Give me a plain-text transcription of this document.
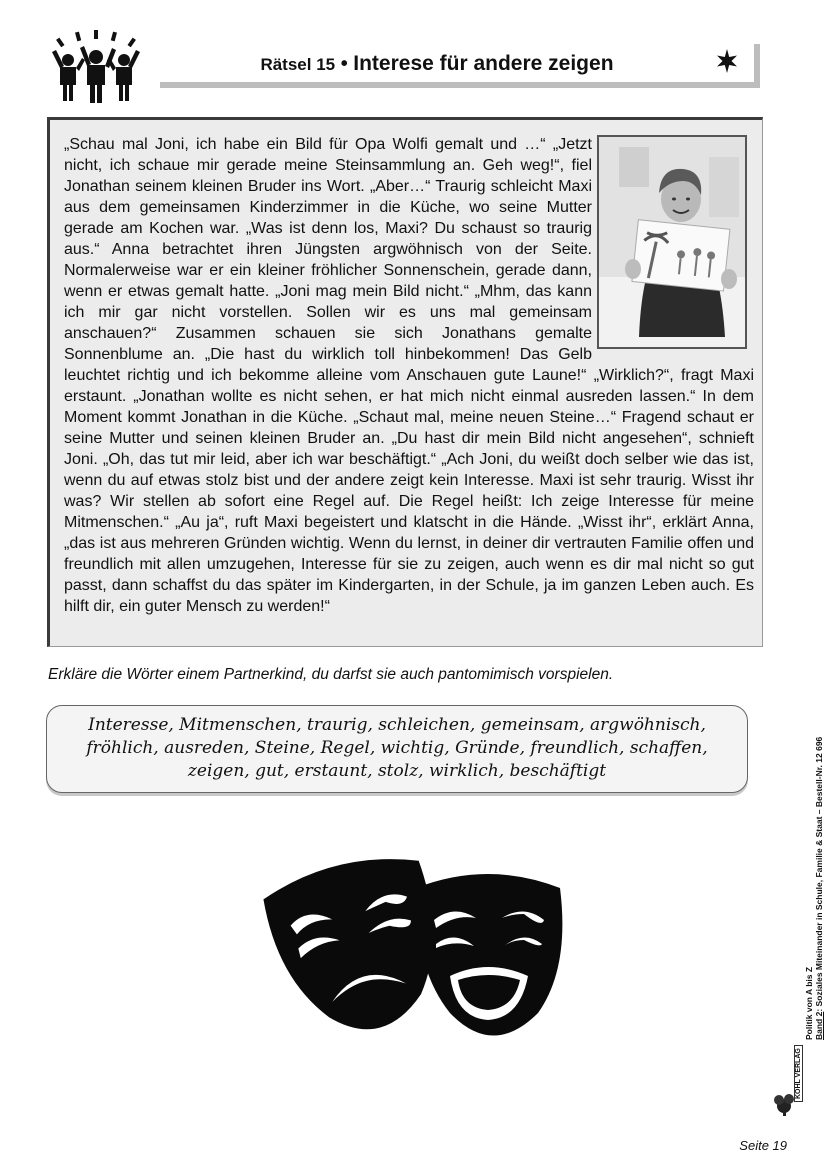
Rätsel 15 • Interese für andere zeigen

„Schau mal Joni, ich habe ein Bild für Opa Wolfi gemalt und …“ „Jetzt nicht, ich schaue mir gerade meine Steinsammlung an. Geh weg!“, fiel Jonathan seinem kleinen Bruder ins Wort. „Aber…“ Traurig schleicht Maxi aus dem gemeinsamen Kinderzimmer in die Küche, wo seine Mutter gerade am Kochen war. „Was ist denn los, Maxi? Du schaust so traurig aus.“ Anna betrachtet ihren Jüngsten argwöhnisch von der Seite. Normalerweise war er ein kleiner fröhlicher Sonnenschein, gerade dann, wenn er etwas gemalt hatte. „Joni mag mein Bild nicht.“ „Mhm, das kann ich mir gar nicht vorstellen. Sollen wir es uns mal gemeinsam anschauen?“ Zusammen schauen sie sich Jonathans gemalte Sonnenblume an. „Die hast du wirklich toll hinbekommen! Das Gelb leuchtet richtig und ich bekomme alleine vom Anschauen gute Laune!“ „Wirklich?“, fragt Maxi erstaunt. „Jonathan wollte es nicht sehen, er hat mich nicht einmal ausreden lassen.“ In dem Moment kommt Jonathan in die Küche. „Schaut mal, meine neuen Steine…“ Fragend schaut er seine Mutter und seinen kleinen Bruder an. „Du hast dir mein Bild nicht angesehen“, schnieft Joni. „Oh, das tut mir leid, aber ich war beschäftigt.“ „Ach Joni, du weißt doch selber wie das ist, wenn du auf etwas stolz bist und der andere zeigt kein Interesse. Maxi ist sehr traurig. Wisst ihr was? Wir stellen ab sofort eine Regel auf. Die Regel heißt: Ich zeige Interesse für meine Mitmenschen.“ „Au ja“, ruft Maxi begeistert und klatscht in die Hände. „Wisst ihr“, erklärt Anna, „das ist aus mehreren Gründen wichtig. Wenn du lernst, in deiner dir vertrauten Familie offen und freundlich mit allen umzugehen, Interesse für sie zu zeigen, auch wenn es dir mal nicht so gut passt, dann schaffst du das später im Kindergarten, in der Schule, ja im ganzen Leben auch. Es hilft dir, ein guter Mensch zu werden!“

Erkläre die Wörter einem Partnerkind, du darfst sie auch pantomimisch vorspielen.
Interesse, Mitmenschen, traurig, schleichen, gemeinsam, argwöhnisch, fröhlich, ausreden, Steine, Regel, wichtig, Gründe, freundlich, schaffen, zeigen, gut, erstaunt, stolz, wirklich, beschäftigt
Politik von A bis Z Band 2: Soziales Miteinander in Schule, Familie & Staat – Bestell-Nr. 12 696
KOHL VERLAG
Seite 19
